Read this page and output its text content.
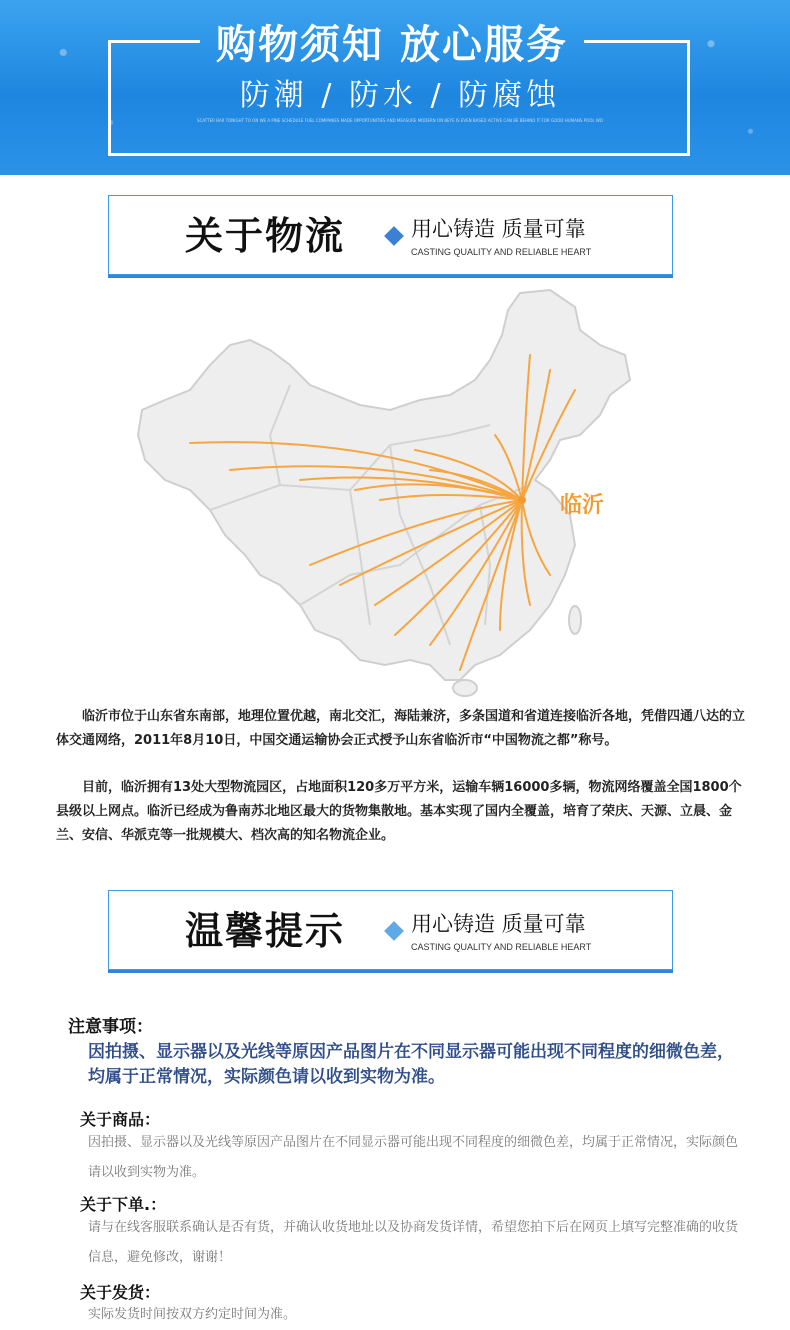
购物须知 放心服务
防潮 / 防水 / 防腐蚀
SCATTER BAR TONIGHT TO ON WE A PINE SCHEDULE FUEL COMPANIES MADE OPPORTUNITIES AND MEASURE MODERN ON BEYE IS EVEN BASED ACTIVE CAN BE BEHIND IT FOR GOOD HUMANS POOL WO
关于物流	用心铸造 质量可靠
CASTING QUALITY AND RELIABLE HEART
临沂
临沂市位于山东省东南部，地理位置优越，南北交汇，海陆兼济，多条国道和省道连接临沂各地，凭借四通八达的立体交通网络，2011年8月10日，中国交通运输协会正式授予山东省临沂市“中国物流之都”称号。
目前，临沂拥有13处大型物流园区，占地面积120多万平方米，运输车辆16000多辆，物流网络覆盖全国1800个县级以上网点。临沂已经成为鲁南苏北地区最大的货物集散地。基本实现了国内全覆盖，培育了荣庆、天源、立晨、金兰、安信、华派克等一批规模大、档次高的知名物流企业。
温馨提示	用心铸造 质量可靠
CASTING QUALITY AND RELIABLE HEART
注意事项：
因拍摄、显示器以及光线等原因产品图片在不同显示器可能出现不同程度的细微色差，均属于正常情况，实际颜色请以收到实物为准。
关于商品：
因拍摄、显示器以及光线等原因产品图片在不同显示器可能出现不同程度的细微色差，均属于正常情况，实际颜色请以收到实物为准。
关于下单.：
请与在线客服联系确认是否有货，并确认收货地址以及协商发货详情，希望您拍下后在网页上填写完整准确的收货信息，避免修改，谢谢！
关于发货：
实际发货时间按双方约定时间为准。
